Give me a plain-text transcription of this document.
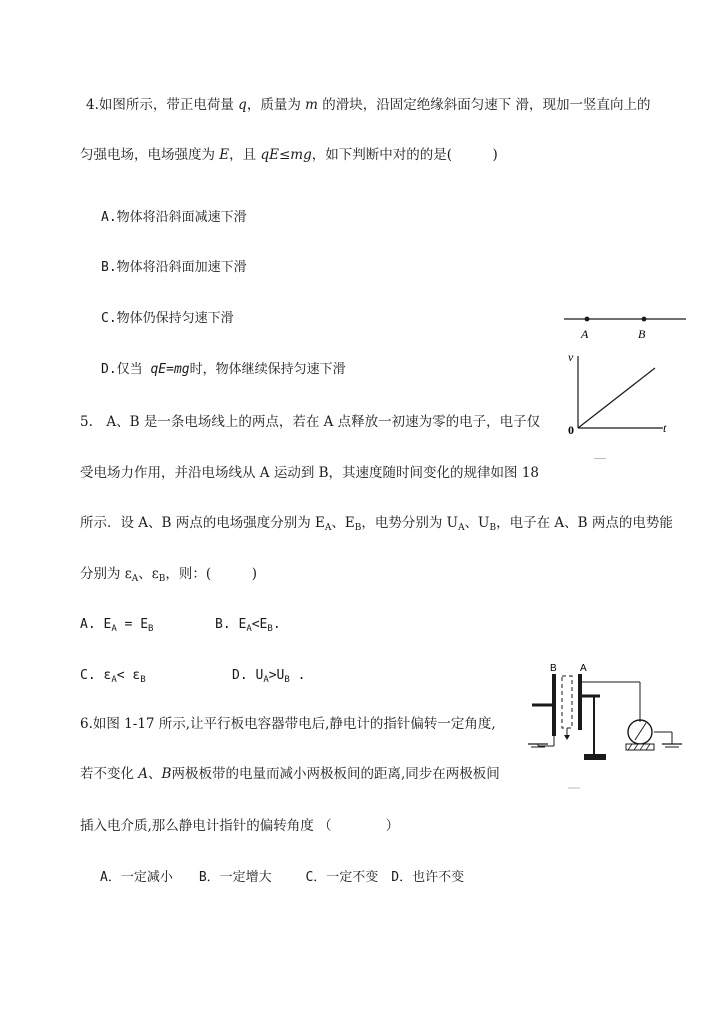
4.如图所示，带正电荷量 q，质量为 m 的滑块，沿固定绝缘斜面匀速下 滑，现加一竖直向上的
匀强电场，电场强度为 E，且 qE≤mg，如下判断中对的的是(　　　)
A.物体将沿斜面减速下滑
B.物体将沿斜面加速下滑
C.物体仍保持匀速下滑
D.仅当 qE=mg时，物体继续保持匀速下滑
A	B
v
t
0
5.　A、B 是一条电场线上的两点，若在 A 点释放一初速为零的电子，电子仅
受电场力作用，并沿电场线从 A 运动到 B，其速度随时间变化的规律如图 18
所示．设 A、B 两点的电场强度分别为 $E_A$、$E_B$，电势分别为 $U_A$、$U_B$，电子在 A、B 两点的电势能
分别为 $\varepsilon_A$、$\varepsilon_B$，则：(　　　)
A. $E_A = E_B$	B. $E_A<E_B$.
C. $\varepsilon_A< \varepsilon_B$	D. $U_A>U_B$ .	B A
6.如图 1-17 所示,让平行板电容器带电后,静电计的指针偏转一定角度,
若不变化 A、B两极板带的电量而减小两极板间的距离,同步在两极板间
插入电介质,那么静电计指针的偏转角度 （　　　　）
A．一定减小　　B．一定增大　　 C．一定不变　D．也许不变
